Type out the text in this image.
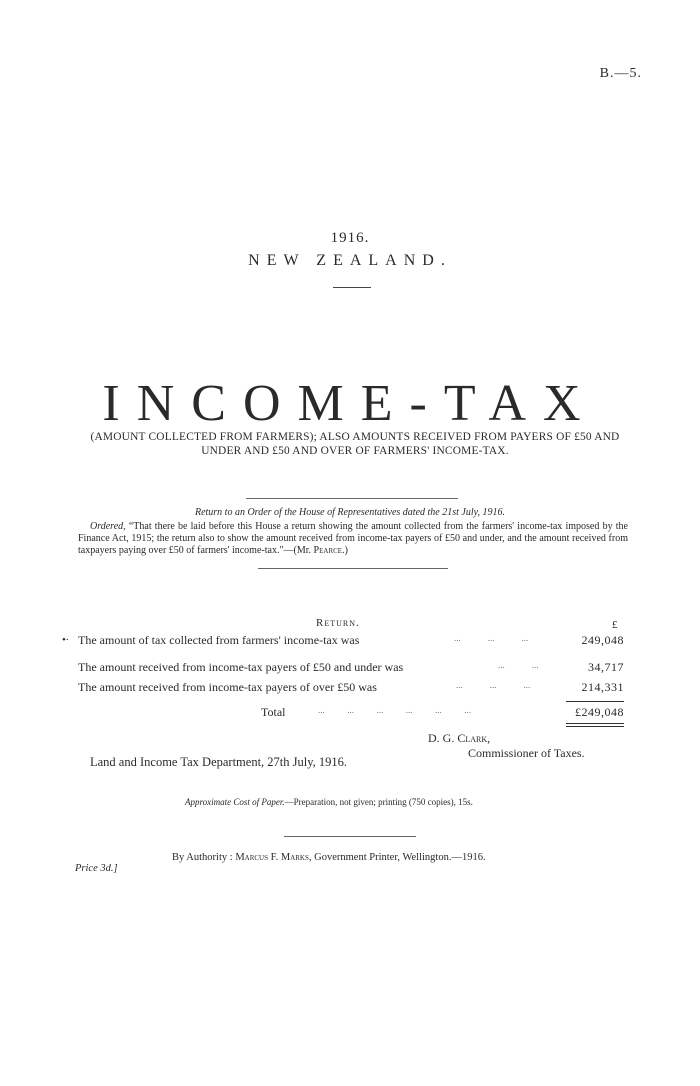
B.—5.
1916.
NEW ZEALAND.
INCOME-TAX
(AMOUNT COLLECTED FROM FARMERS); ALSO AMOUNTS RECEIVED FROM PAYERS OF £50 AND UNDER AND £50 AND OVER OF FARMERS' INCOME-TAX.
Return to an Order of the House of Representatives dated the 21st July, 1916.
Ordered, “That there be laid before this House a return showing the amount collected from the farmers' income-tax imposed by the Finance Act, 1915; the return also to show the amount received from income-tax payers of £50 and under, and the amount received from taxpayers paying over £50 of farmers' income-tax."—(Mr. Pearce.)
Return.	£
•∙ The amount of tax collected from farmers' income-tax was	...            ...            ...	249,048
The amount received from income-tax payers of £50 and under was	...            ...	34,717
The amount received from income-tax payers of over £50 was	...            ...            ...	214,331
Total	...          ...          ...          ...          ...          ...	£249,048
D. G. Clark,
Commissioner of Taxes.
Land and Income Tax Department, 27th July, 1916.
Approximate Cost of Paper.—Preparation, not given; printing (750 copies), 15s.
By Authority : Marcus F. Marks, Government Printer, Wellington.—1916.
Price 3d.]
